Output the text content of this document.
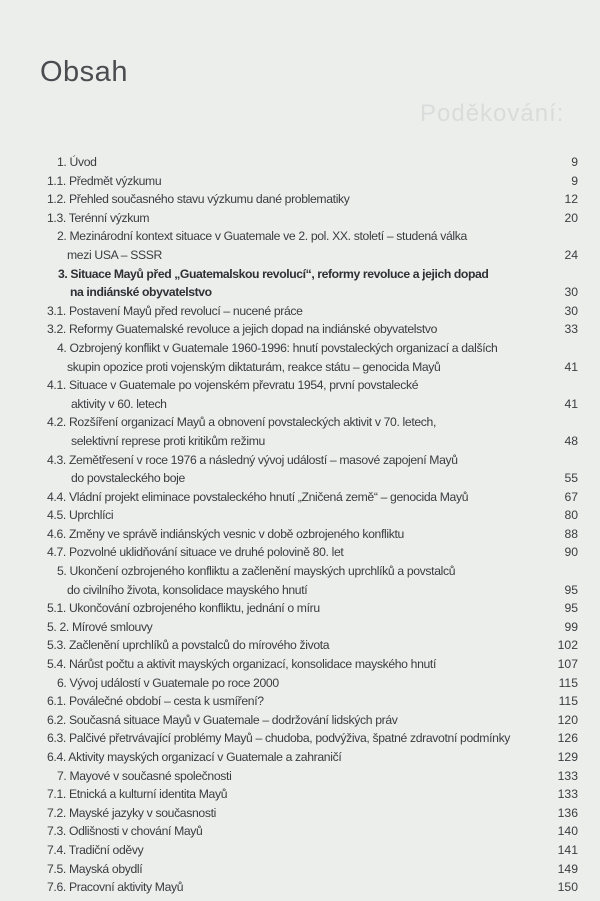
Poděkování:
Obsah
1. Úvod	9
1.1. Předmět výzkumu	9
1.2. Přehled současného stavu výzkumu dané problematiky	12
1.3. Terénní výzkum	20
2. Mezinárodní kontext situace v Guatemale ve 2. pol. XX. století – studená válka
mezi USA – SSSR	24
3. Situace Mayů před „Guatemalskou revolucí“, reformy revoluce a jejich dopad
na indiánské obyvatelstvo	30
3.1. Postavení Mayů před revolucí – nucené práce	30
3.2. Reformy Guatemalské revoluce a jejich dopad na indiánské obyvatelstvo	33
4. Ozbrojený konflikt v Guatemale 1960-1996: hnutí povstaleckých organizací a dalších
skupin opozice proti vojenským diktaturám, reakce státu – genocida Mayů	41
4.1. Situace v Guatemale po vojenském převratu 1954, první povstalecké
aktivity v 60. letech	41
4.2. Rozšíření organizací Mayů a obnovení povstaleckých aktivit v 70. letech,
selektivní represe proti kritikům režimu	48
4.3. Zemětřesení v roce 1976 a následný vývoj událostí – masové zapojení Mayů
do povstaleckého boje	55
4.4. Vládní projekt eliminace povstaleckého hnutí „Zničená země“ – genocida Mayů	67
4.5. Uprchlíci	80
4.6. Změny ve správě indiánských vesnic v době ozbrojeného konfliktu	88
4.7. Pozvolné uklidňování situace ve druhé polovině 80. let	90
5. Ukončení ozbrojeného konfliktu a začlenění mayských uprchlíků a povstalců
do civilního života, konsolidace mayského hnutí	95
5.1. Ukončování ozbrojeného konfliktu, jednání o míru	95
5. 2. Mírové smlouvy	99
5.3. Začlenění uprchlíků a povstalců do mírového života	102
5.4. Nárůst počtu a aktivit mayských organizací, konsolidace mayského hnutí	107
6. Vývoj událostí v Guatemale po roce 2000	115
6.1. Poválečné období – cesta k usmíření?	115
6.2. Současná situace Mayů v Guatemale – dodržování lidských práv	120
6.3. Palčivé přetrvávající problémy Mayů – chudoba, podvýživa, špatné zdravotní podmínky	126
6.4. Aktivity mayských organizací v Guatemale a zahraničí	129
7. Mayové v současné společnosti	133
7.1. Etnická a kulturní identita Mayů	133
7.2. Mayské jazyky v současnosti	136
7.3. Odlišnosti v chování Mayů	140
7.4. Tradiční oděvy	141
7.5. Mayská obydlí	149
7.6. Pracovní aktivity Mayů	150
